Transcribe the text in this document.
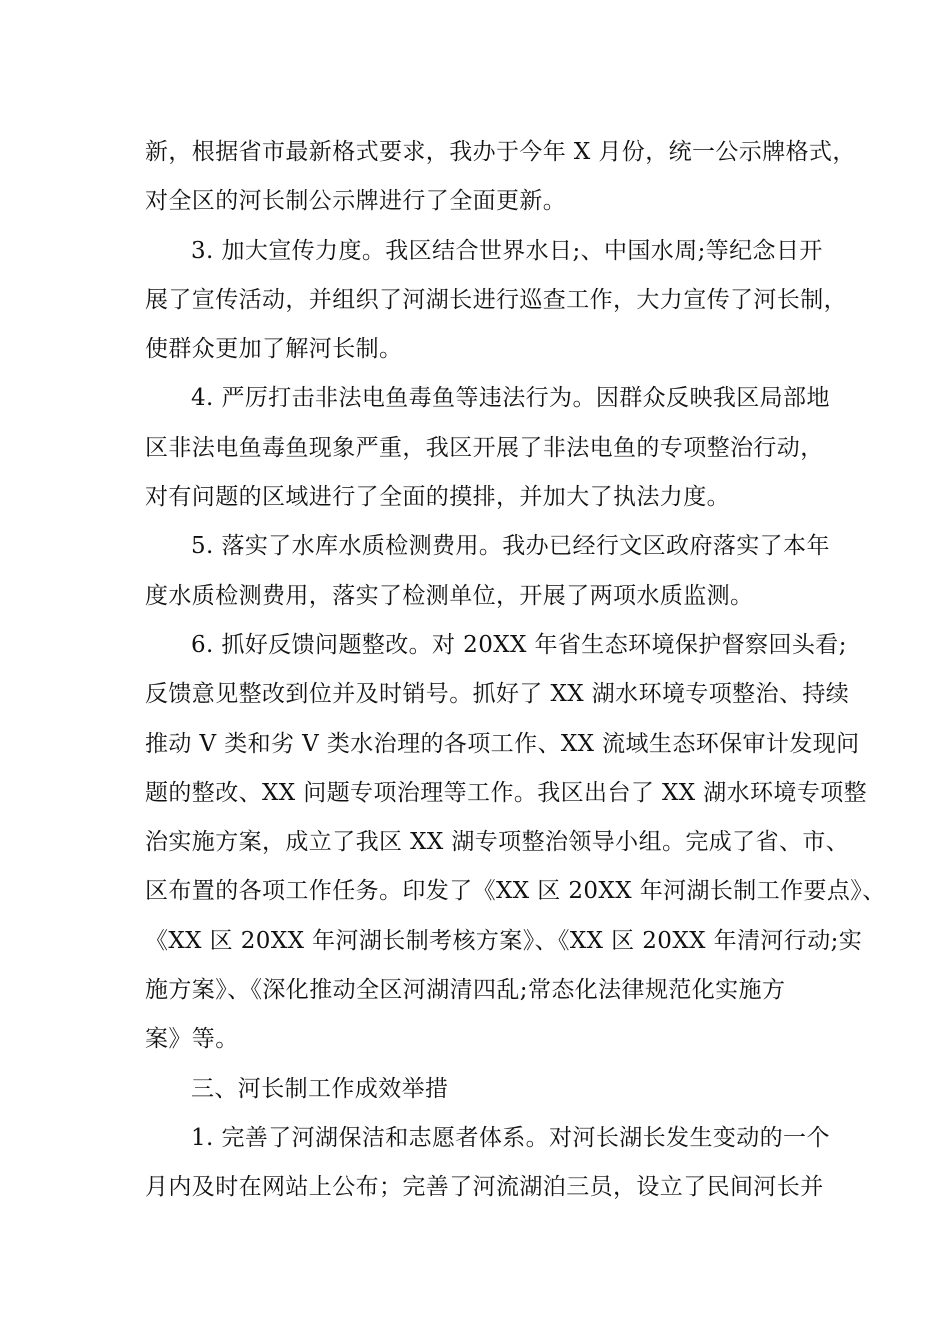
新，根据省市最新格式要求，我办于今年 X 月份，统一公示牌格式，
对全区的河长制公示牌进行了全面更新。
3. 加大宣传力度。我区结合世界水日;、中国水周;等纪念日开
展了宣传活动，并组织了河湖长进行巡查工作，大力宣传了河长制，
使群众更加了解河长制。
4. 严厉打击非法电鱼毒鱼等违法行为。因群众反映我区局部地
区非法电鱼毒鱼现象严重，我区开展了非法电鱼的专项整治行动，
对有问题的区域进行了全面的摸排，并加大了执法力度。
5. 落实了水库水质检测费用。我办已经行文区政府落实了本年
度水质检测费用，落实了检测单位，开展了两项水质监测。
6. 抓好反馈问题整改。对 20XX 年省生态环境保护督察回头看;
反馈意见整改到位并及时销号。抓好了 XX 湖水环境专项整治、持续
推动 V 类和劣 V 类水治理的各项工作、XX 流域生态环保审计发现问
题的整改、XX 问题专项治理等工作。我区出台了 XX 湖水环境专项整
治实施方案，成立了我区 XX 湖专项整治领导小组。完成了省、市、
区布置的各项工作任务。印发了《XX 区 20XX 年河湖长制工作要点》、
《XX 区 20XX 年河湖长制考核方案》、《XX 区 20XX 年清河行动;实
施方案》、《深化推动全区河湖清四乱;常态化法律规范化实施方
案》等。
三、河长制工作成效举措
1. 完善了河湖保洁和志愿者体系。对河长湖长发生变动的一个
月内及时在网站上公布；完善了河流湖泊三员，设立了民间河长并
